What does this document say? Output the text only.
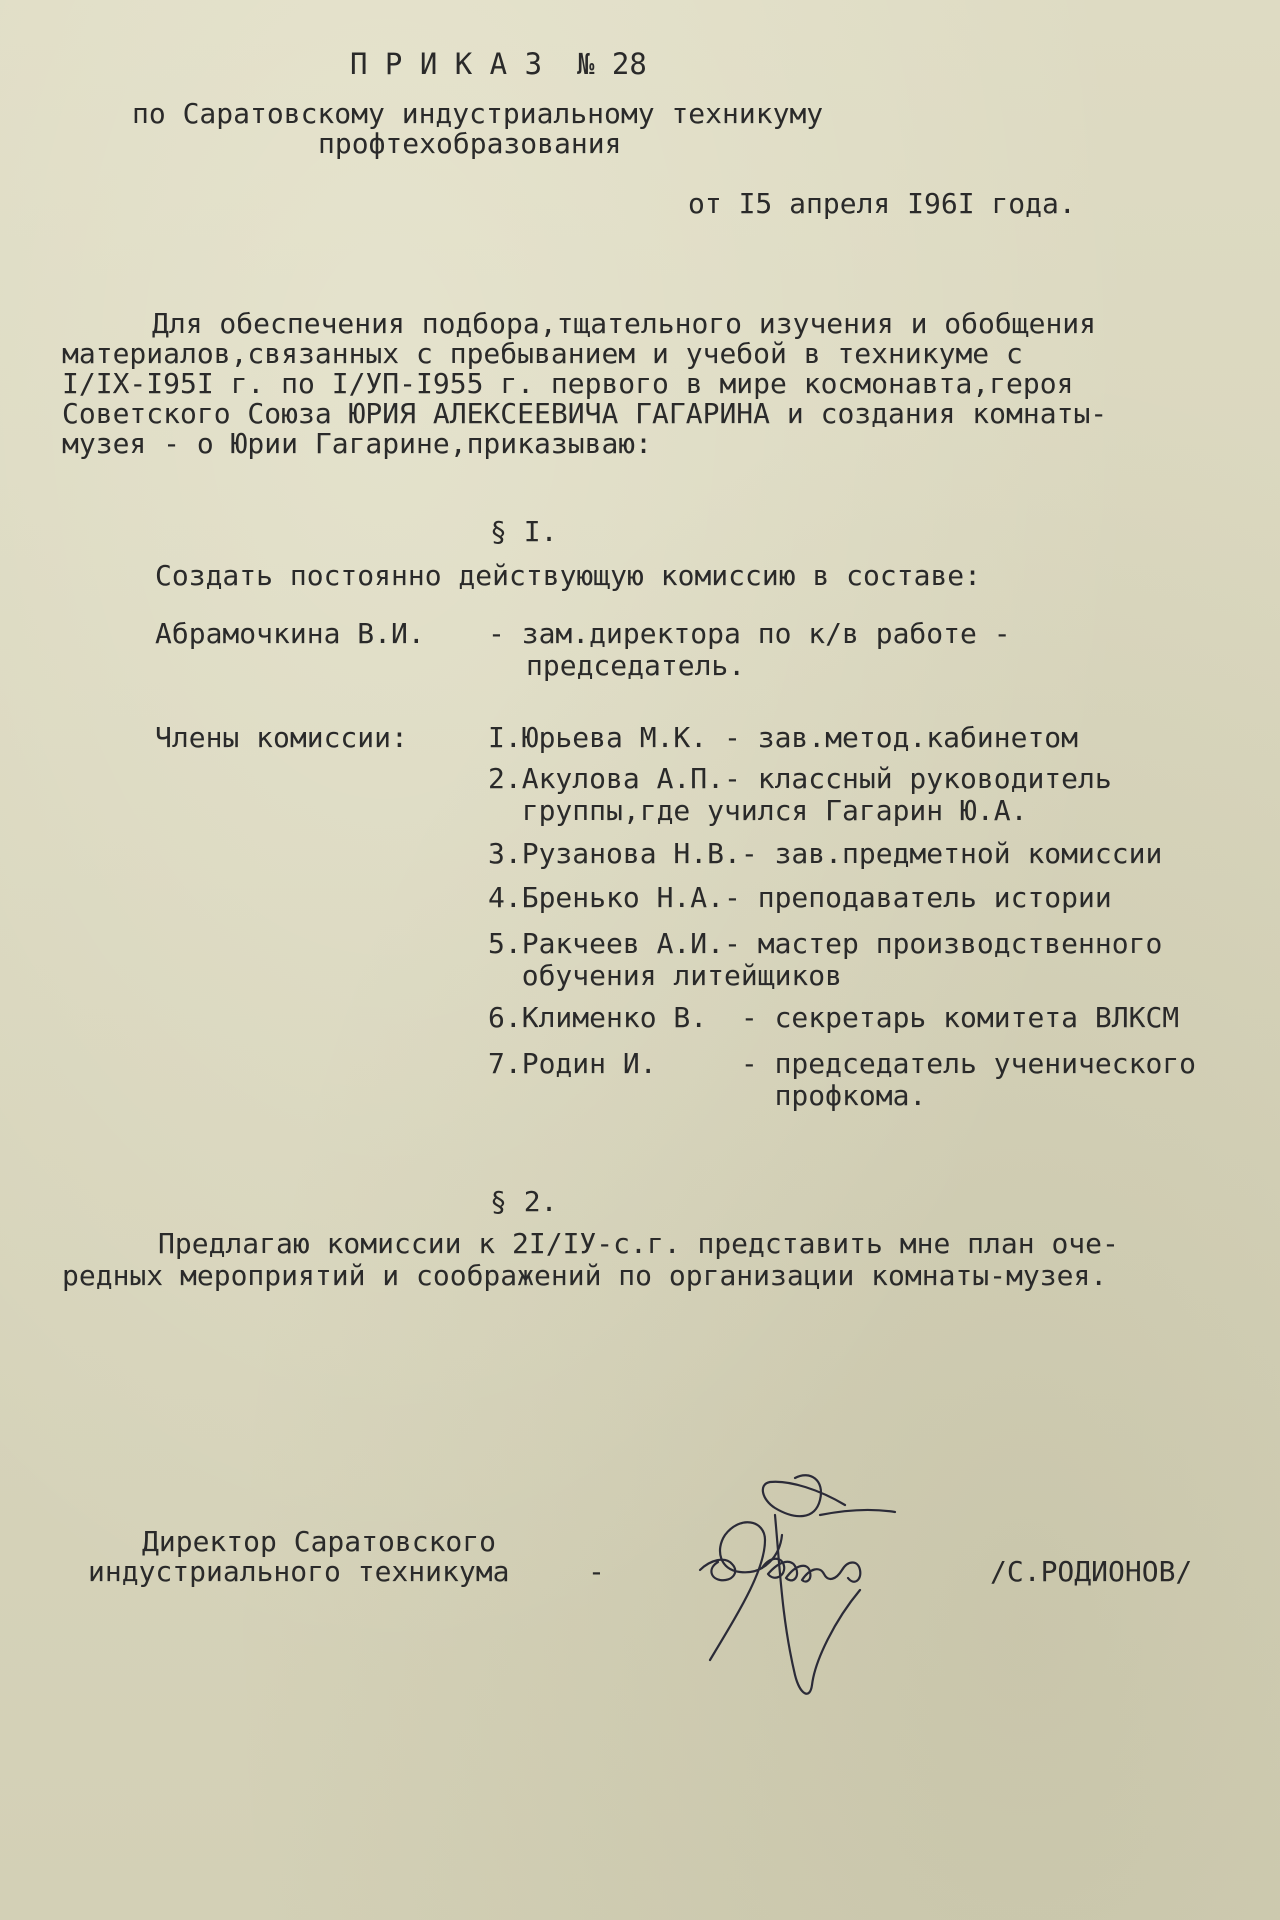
П Р И К А З  № 28
по Саратовскому индустриальному техникуму
профтехобразования
от I5 апреля I96I года.
Для обеспечения подбора,тщательного изучения и обобщения
материалов,связанных с пребыванием и учебой в техникуме с
I/IX-I95I г. по I/УП-I955 г. первого в мире космонавта,героя
Советского Союза ЮРИЯ АЛЕКСЕЕВИЧА ГАГАРИНА и создания комнаты-
музея - о Юрии Гагарине,приказываю:
§ I.
Создать постоянно действующую комиссию в составе:
Абрамочкина В.И. - зам.директора по к/в работе -
председатель.
Члены комиссии:	I.Юрьева М.К. - зав.метод.кабинетом
2.Акулова А.П.- классный руководитель
группы,где учился Гагарин Ю.А.
3.Рузанова Н.В.- зав.предметной комиссии
4.Бренько Н.А.- преподаватель истории
5.Ракчеев А.И.- мастер производственного
обучения литейщиков
6.Клименко В.  - секретарь комитета ВЛКСМ
7.Родин И.     - председатель ученического
профкома.
§ 2.
Предлагаю комиссии к 2I/IУ-с.г. представить мне план оче-
редных мероприятий и соображений по организации комнаты-музея.
Директор Саратовского
индустриального техникума	-	/С.РОДИОНОВ/
